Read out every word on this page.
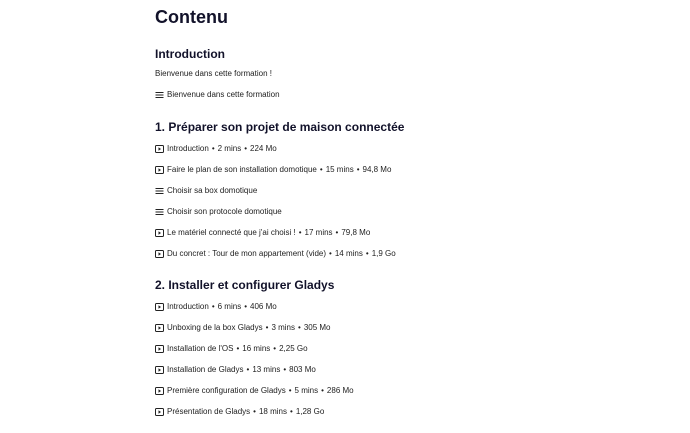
Contenu
Introduction
Bienvenue dans cette formation !
Bienvenue dans cette formation
1. Préparer son projet de maison connectée
Introduction • 2 mins • 224 Mo
Faire le plan de son installation domotique • 15 mins • 94,8 Mo
Choisir sa box domotique
Choisir son protocole domotique
Le matériel connecté que j'ai choisi ! • 17 mins • 79,8 Mo
Du concret : Tour de mon appartement (vide) • 14 mins • 1,9 Go
2. Installer et configurer Gladys
Introduction • 6 mins • 406 Mo
Unboxing de la box Gladys • 3 mins • 305 Mo
Installation de l'OS • 16 mins • 2,25 Go
Installation de Gladys • 13 mins • 803 Mo
Première configuration de Gladys • 5 mins • 286 Mo
Présentation de Gladys • 18 mins • 1,28 Go
